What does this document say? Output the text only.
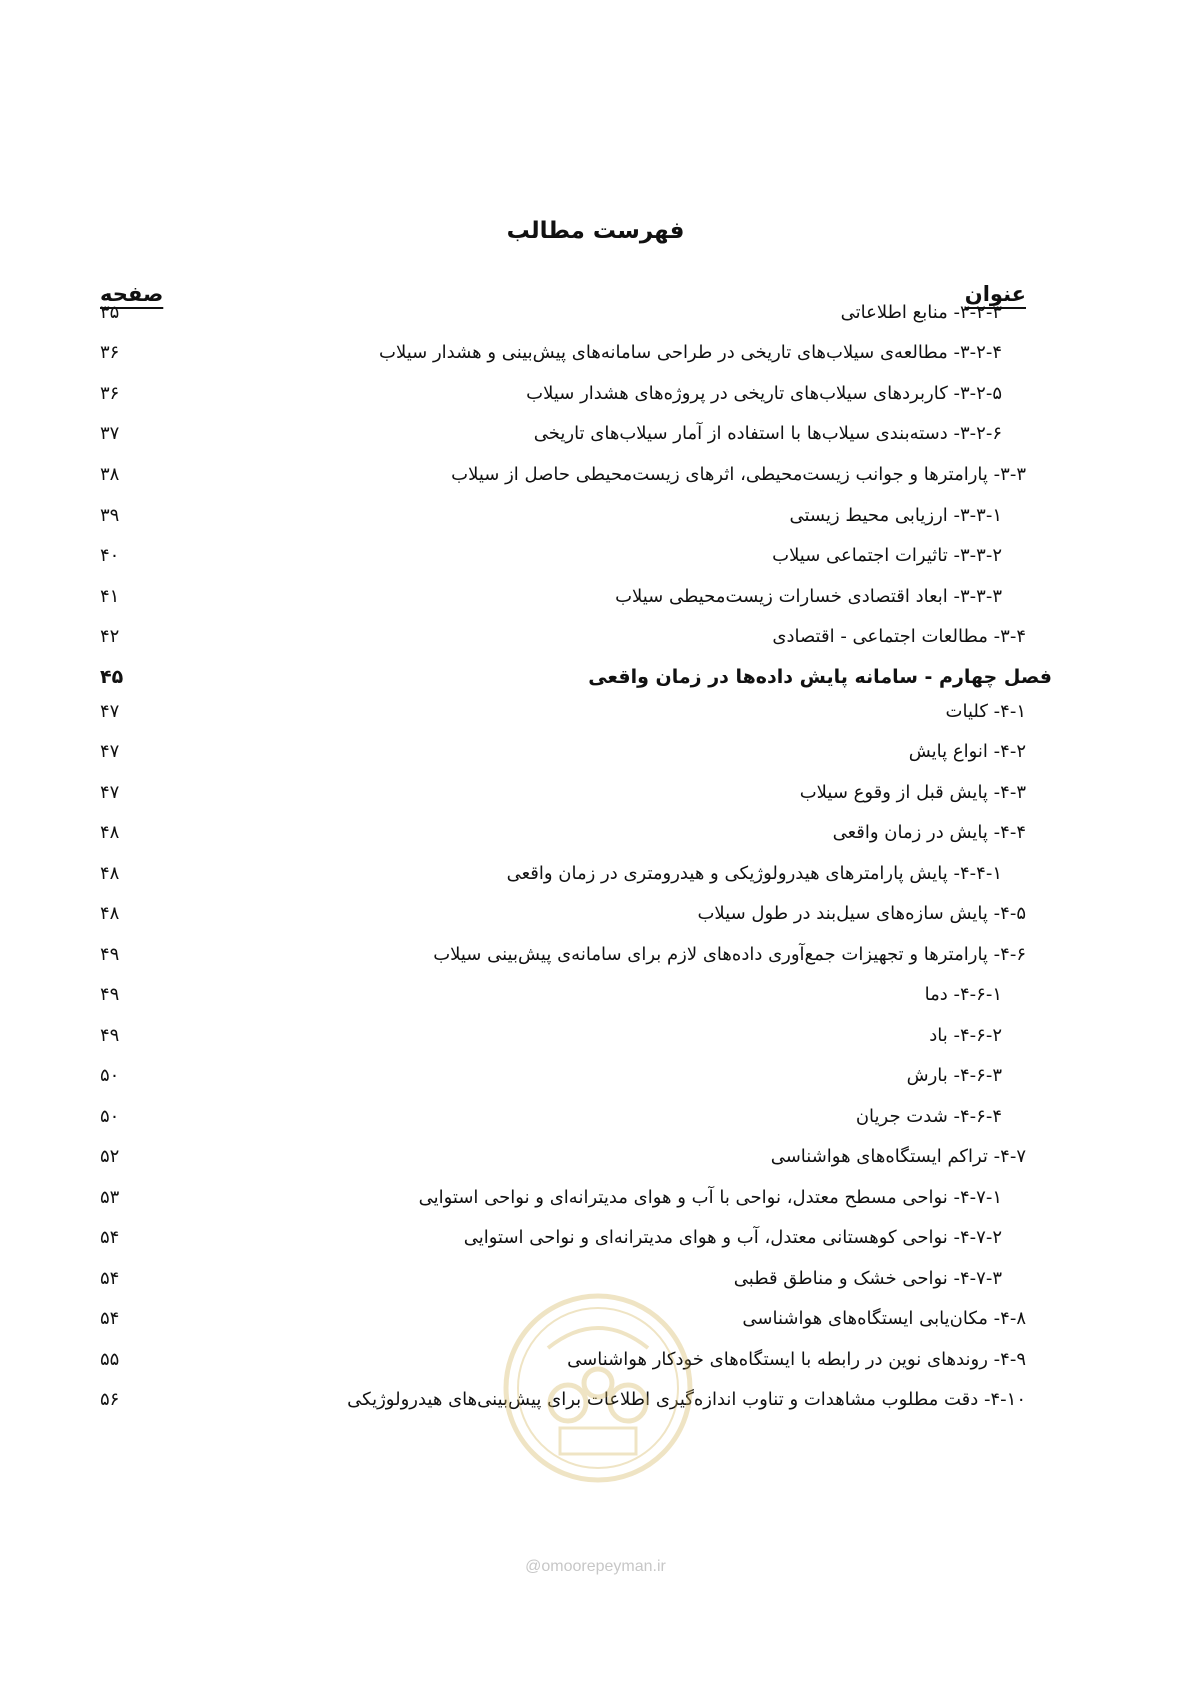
فهرست مطالب
عنوان
صفحه
۳-۲-۳- منابع اطلاعاتی
۳۵
۳-۲-۴- مطالعه‌ی سیلاب‌های تاریخی در طراحی سامانه‌های پیش‌بینی و هشدار سیلاب
۳۶
۳-۲-۵- کاربردهای سیلاب‌های تاریخی در پروژه‌های هشدار سیلاب
۳۶
۳-۲-۶- دسته‌بندی سیلاب‌ها با استفاده از آمار سیلاب‌های تاریخی
۳۷
۳-۳- پارامترها و جوانب زیست‌محیطی، اثرهای زیست‌محیطی حاصل از سیلاب
۳۸
۳-۳-۱- ارزیابی محیط زیستی
۳۹
۳-۳-۲- تاثیرات اجتماعی سیلاب
۴۰
۳-۳-۳- ابعاد اقتصادی خسارات زیست‌محیطی سیلاب
۴۱
۳-۴- مطالعات اجتماعی - اقتصادی
۴۲
فصل چهارم - سامانه پایش داده‌ها در زمان واقعی
۴۵
۴-۱- کلیات
۴۷
۴-۲- انواع پایش
۴۷
۴-۳- پایش قبل از وقوع سیلاب
۴۷
۴-۴- پایش در زمان واقعی
۴۸
۴-۴-۱- پایش پارامترهای هیدرولوژیکی و هیدرومتری در زمان واقعی
۴۸
۴-۵- پایش سازه‌های سیل‌بند در طول سیلاب
۴۸
۴-۶- پارامترها و تجهیزات جمع‌آوری داده‌های لازم برای سامانه‌ی پیش‌بینی سیلاب
۴۹
۴-۶-۱- دما
۴۹
۴-۶-۲- باد
۴۹
۴-۶-۳- بارش
۵۰
۴-۶-۴- شدت جریان
۵۰
۴-۷- تراکم ایستگاه‌های هواشناسی
۵۲
۴-۷-۱- نواحی مسطح معتدل، نواحی با آب و هوای مدیترانه‌ای و نواحی استوایی
۵۳
۴-۷-۲- نواحی کوهستانی معتدل، آب و هوای مدیترانه‌ای و نواحی استوایی
۵۴
۴-۷-۳- نواحی خشک و مناطق قطبی
۵۴
۴-۸- مکان‌یابی ایستگاه‌های هواشناسی
۵۴
۴-۹- روندهای نوین در رابطه با ایستگاه‌های خودکار هواشناسی
۵۵
۴-۱۰- دقت مطلوب مشاهدات و تناوب اندازه‌گیری اطلاعات برای پیش‌بینی‌های هیدرولوژیکی
۵۶
@omoorepeyman.ir
